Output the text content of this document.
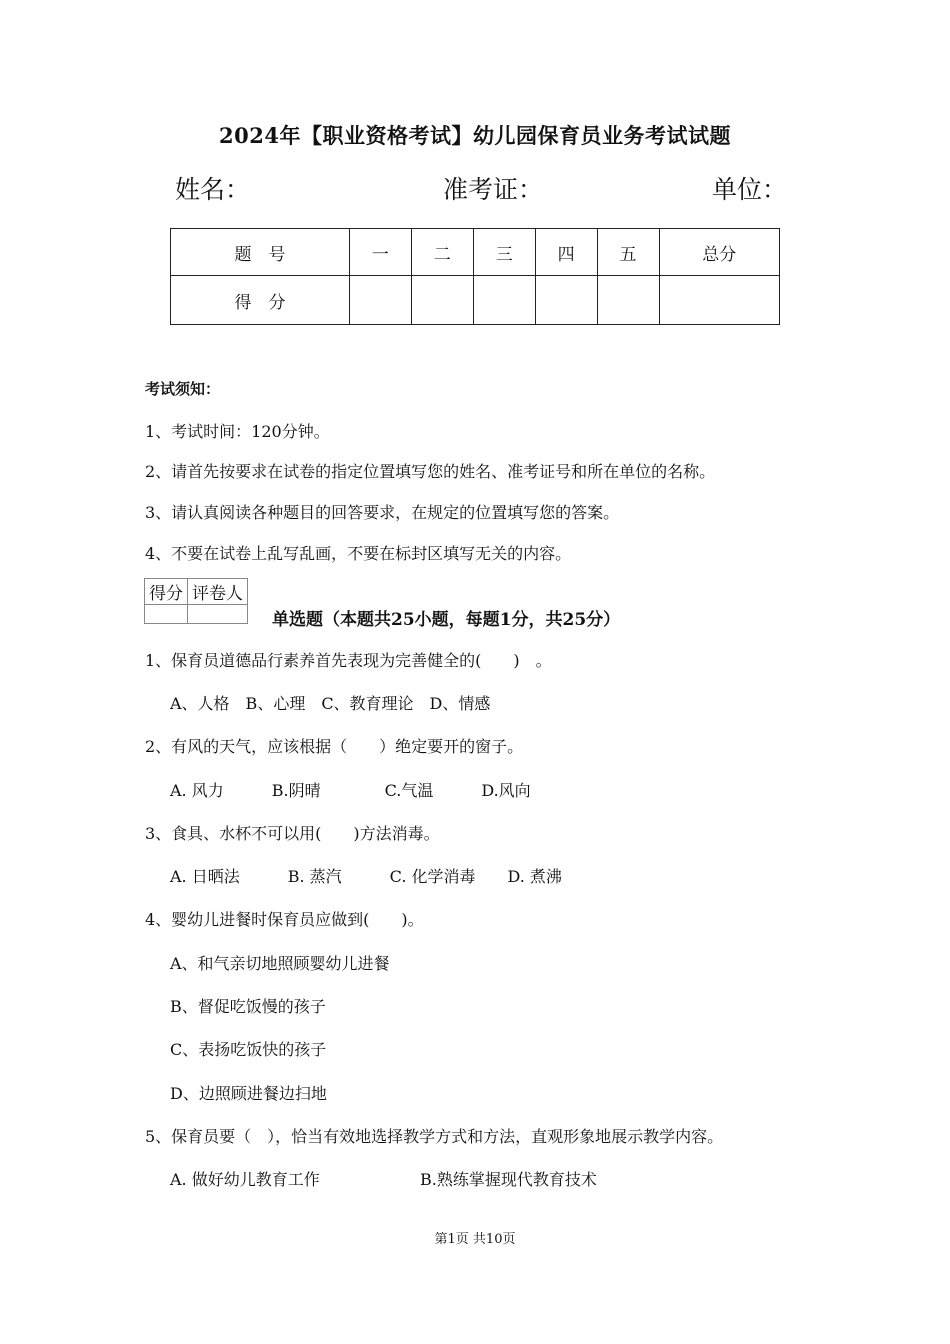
2024年【职业资格考试】幼儿园保育员业务考试试题
姓名：	准考证：	单位：
题　号	一	二	三	四	五	总分
得　分						
考试须知：
1、考试时间：120分钟。
2、请首先按要求在试卷的指定位置填写您的姓名、准考证号和所在单位的名称。
3、请认真阅读各种题目的回答要求，在规定的位置填写您的答案。
4、不要在试卷上乱写乱画，不要在标封区填写无关的内容。
得分	评卷人

单选题（本题共25小题，每题1分，共25分）
1、保育员道德品行素养首先表现为完善健全的(　　)　。
A、人格　B、心理　C、教育理论　D、情感
2、有风的天气，应该根据（　　）绝定要开的窗子。
A. 风力　　　B.阴晴　　　　C.气温　　　D.风向
3、食具、水杯不可以用(　　)方法消毒。
A. 日晒法　　　B. 蒸汽　　　C. 化学消毒　　D. 煮沸
4、婴幼儿进餐时保育员应做到(　　)。
A、和气亲切地照顾婴幼儿进餐
B、督促吃饭慢的孩子
C、表扬吃饭快的孩子
D、边照顾进餐边扫地
5、保育员要（　），恰当有效地选择教学方式和方法，直观形象地展示教学内容。
A. 做好幼儿教育工作	B.熟练掌握现代教育技术
第1页 共10页
